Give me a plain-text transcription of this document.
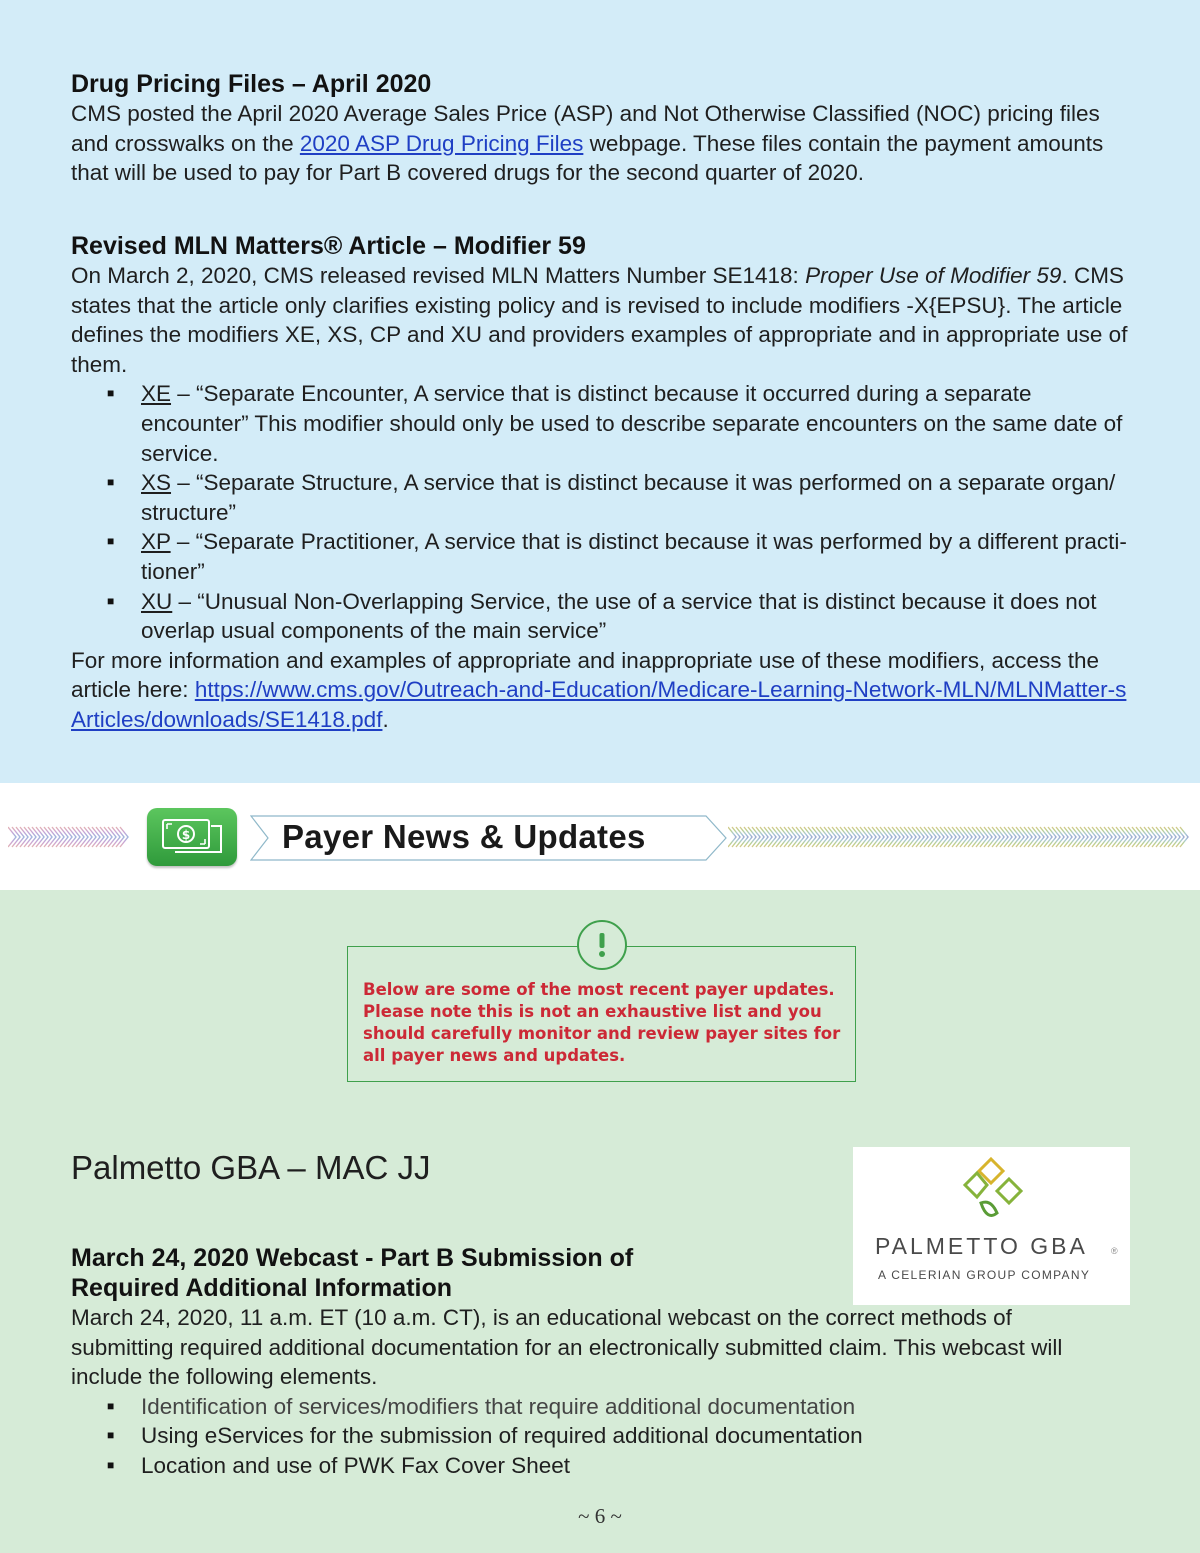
Drug Pricing Files – April 2020
CMS posted the April 2020 Average Sales Price (ASP) and Not Otherwise Classified (NOC) pricing files and crosswalks on the 2020 ASP Drug Pricing Files webpage. These files contain the payment amounts that will be used to pay for Part B covered drugs for the second quarter of 2020.
Revised MLN Matters® Article – Modifier 59
On March 2, 2020, CMS released revised MLN Matters Number SE1418: Proper Use of Modifier 59. CMS states that the article only clarifies existing policy and is revised to include modifiers -X{EPSU}. The article defines the modifiers XE, XS, CP and XU and providers examples of appropriate and in appropriate use of them.
■ XE – “Separate Encounter, A service that is distinct because it occurred during a separate encounter” This modifier should only be used to describe separate encounters on the same date of service.
■ XS – “Separate Structure, A service that is distinct because it was performed on a separate organ/ structure”
■ XP – “Separate Practitioner, A service that is distinct because it was performed by a different practi- tioner”
■ XU – “Unusual Non-Overlapping Service, the use of a service that is distinct because it does not overlap usual components of the main service”
For more information and examples of appropriate and inappropriate use of these modifiers, access the article here: https://www.cms.gov/Outreach-and-Education/Medicare-Learning-Network-MLN/MLNMatter-sArticles/downloads/SE1418.pdf.
$	Payer News & Updates
Below are some of the most recent payer updates. Please note this is not an exhaustive list and you should carefully monitor and review payer sites for all payer news and updates.
Palmetto GBA – MAC JJ
PALMETTO GBA	®
A CELERIAN GROUP COMPANY
March 24, 2020 Webcast - Part B Submission of
Required Additional Information
March 24, 2020, 11 a.m. ET (10 a.m. CT), is an educational webcast on the correct methods of submitting required additional documentation for an electronically submitted claim. This webcast will include the following elements.
■ Identification of services/modifiers that require additional documentation
■ Using eServices for the submission of required additional documentation
■ Location and use of PWK Fax Cover Sheet
~ 6 ~
